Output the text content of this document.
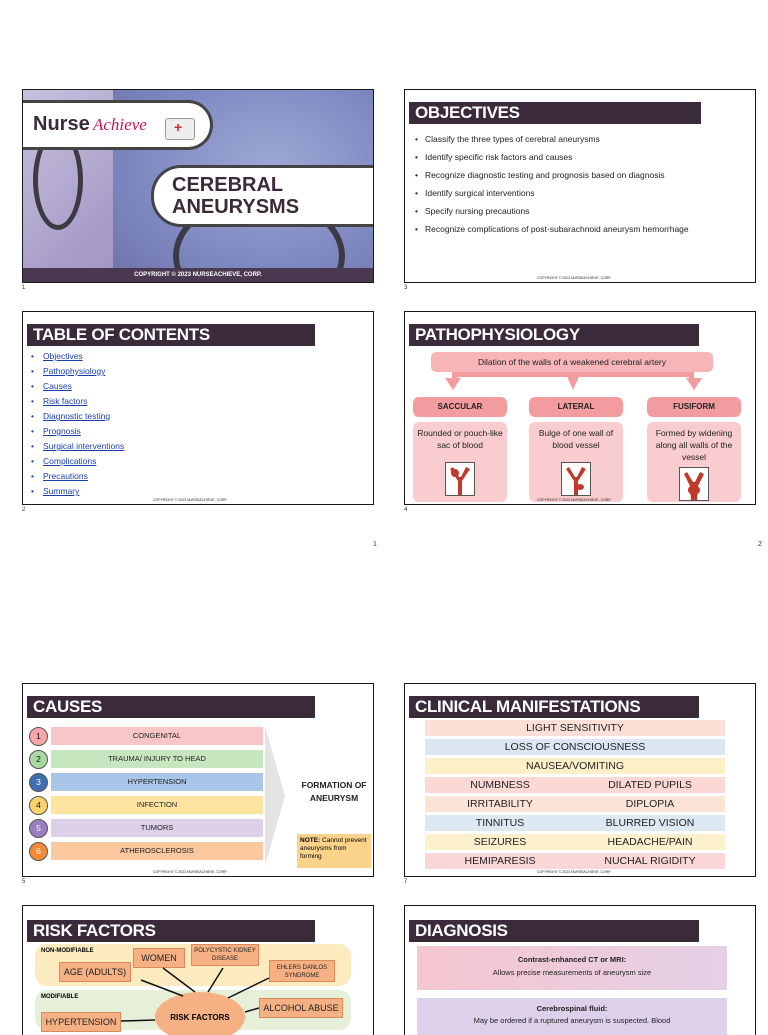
Nurse Achieve
+
CEREBRAL
ANEURYSMS
COPYRIGHT © 2023 NURSEACHIEVE, CORP.
1
OBJECTIVES
• Classify the three types of cerebral aneurysms
• Identify specific risk factors and causes
• Recognize diagnostic testing and prognosis based on diagnosis
• Identify surgical interventions
• Specify nursing precautions
• Recognize complications of post-subarachnoid aneurysm hemorrhage
COPYRIGHT © 2023 NURSEACHIEVE, CORP.
3
TABLE OF CONTENTS
• Objectives
• Pathophysiology
• Causes
• Risk factors
• Diagnostic testing
• Prognosis
• Surgical interventions
• Complications
• Precautions
• Summary
COPYRIGHT © 2023 NURSEACHIEVE, CORP.
2
PATHOPHYSIOLOGY
Dilation of the walls of a weakened cerebral artery
SACCULAR	LATERAL	FUSIFORM
Rounded or pouch-like sac of blood
Bulge of one wall of blood vessel
Formed by widening along all walls of the vessel
COPYRIGHT © 2023 NURSEACHIEVE, CORP.
4
1	2
CAUSES
1	CONGENITAL
2	TRAUMA/ INJURY TO HEAD
3	HYPERTENSION
4	INFECTION
5	TUMORS
6	ATHEROSCLEROSIS
FORMATION OF ANEURYSM
NOTE: Cannot prevent aneurysms from forming
COPYRIGHT © 2023 NURSEACHIEVE, CORP.
5
CLINICAL MANIFESTATIONS
LIGHT SENSITIVITY
LOSS OF CONSCIOUSNESS
NAUSEA/VOMITING
NUMBNESS	DILATED PUPILS
IRRITABILITY	DIPLOPIA
TINNITUS	BLURRED VISION
SEIZURES	HEADACHE/PAIN
HEMIPARESIS	NUCHAL RIGIDITY
COPYRIGHT © 2023 NURSEACHIEVE, CORP.
7
RISK FACTORS
NON-MODIFIABLE
MODIFIABLE
WOMEN
POLYCYSTIC KIDNEY DISEASE
AGE (ADULTS)	EHLERS DANLOS SYNDROME
ALCOHOL ABUSE
HYPERTENSION	RISK FACTORS
DIAGNOSIS
Contrast-enhanced CT or MRI:
Allows precise measurements of aneurysm size
Cerebrospinal fluid:
May be ordered if a ruptured aneurysm is suspected. Blood
